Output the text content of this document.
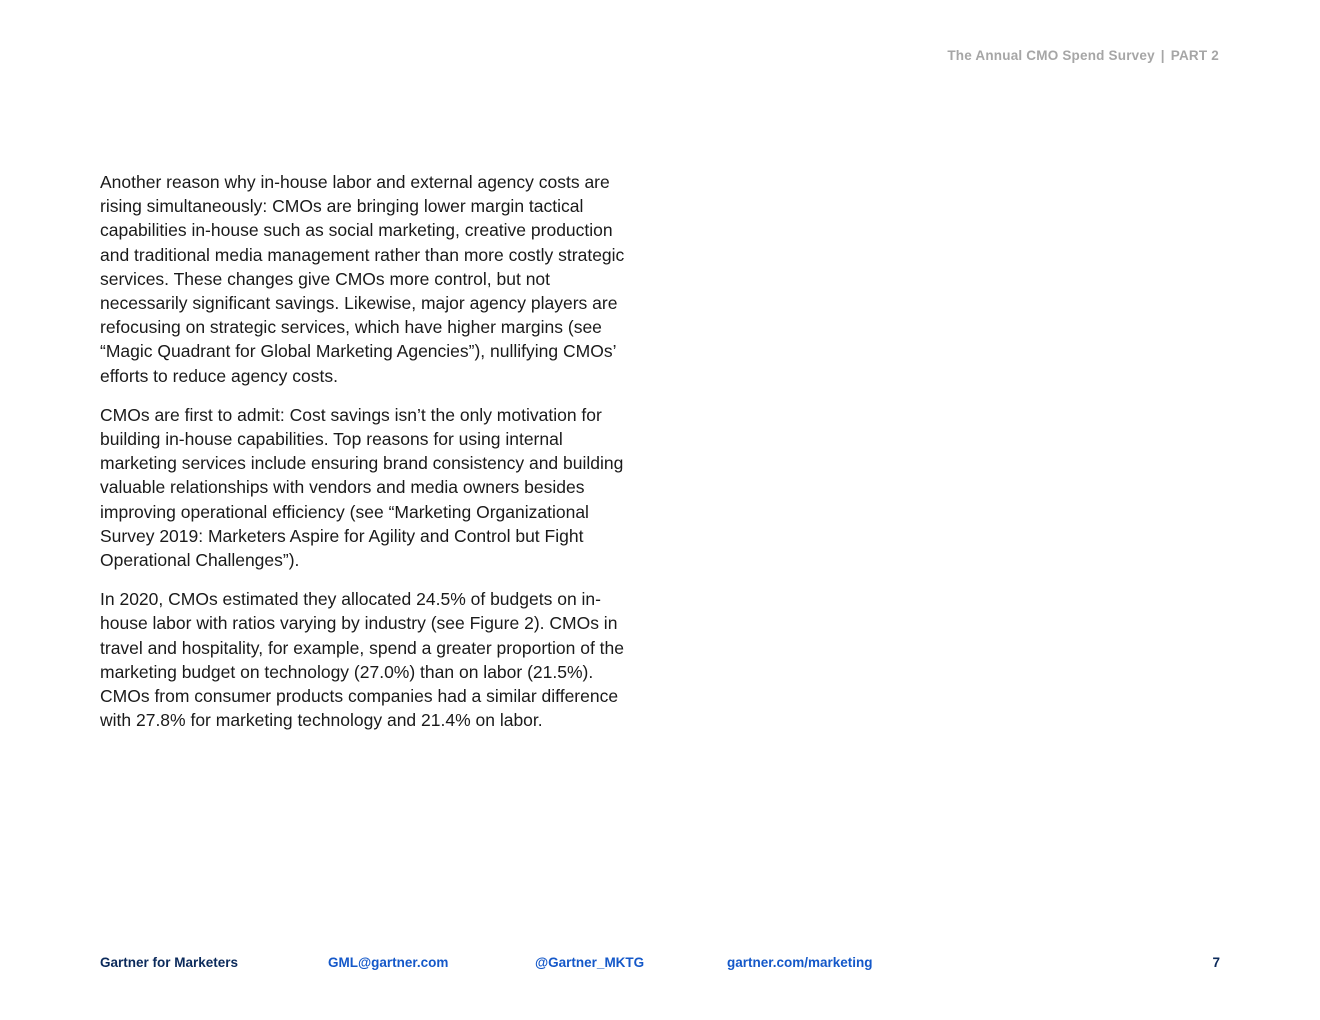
The Annual CMO Spend Survey | PART 2

Another reason why in-house labor and external agency costs are rising simultaneously: CMOs are bringing lower margin tactical capabilities in-house such as social marketing, creative production and traditional media management rather than more costly strategic services. These changes give CMOs more control, but not necessarily significant savings. Likewise, major agency players are refocusing on strategic services, which have higher margins (see “Magic Quadrant for Global Marketing Agencies”), nullifying CMOs’ efforts to reduce agency costs.

CMOs are first to admit: Cost savings isn’t the only motivation for building in-house capabilities. Top reasons for using internal marketing services include ensuring brand consistency and building valuable relationships with vendors and media owners besides improving operational efficiency (see “Marketing Organizational Survey 2019: Marketers Aspire for Agility and Control but Fight Operational Challenges”).

In 2020, CMOs estimated they allocated 24.5% of budgets on in-house labor with ratios varying by industry (see Figure 2). CMOs in travel and hospitality, for example, spend a greater proportion of the marketing budget on technology (27.0%) than on labor (21.5%). CMOs from consumer products companies had a similar difference with 27.8% for marketing technology and 21.4% on labor.

Gartner for Marketers	GML@gartner.com	@Gartner_MKTG	gartner.com/marketing	7
